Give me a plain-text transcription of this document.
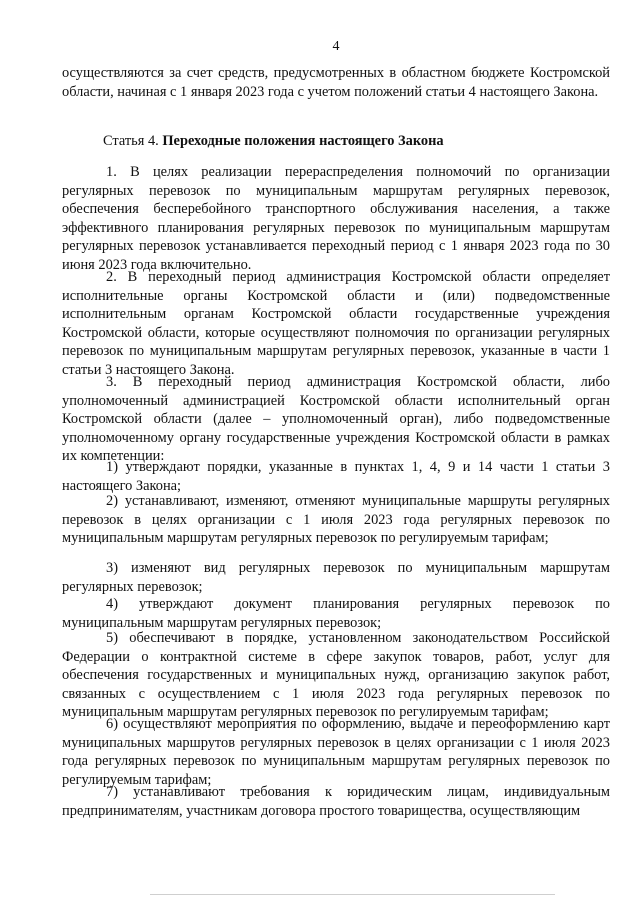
4

осуществляются за счет средств, предусмотренных в областном бюджете Костромской области, начиная с 1 января 2023 года с учетом положений статьи 4 настоящего Закона.

Статья 4. Переходные положения настоящего Закона

1. В целях реализации перераспределения полномочий по организации регулярных перевозок по муниципальным маршрутам регулярных перевозок, обеспечения бесперебойного транспортного обслуживания населения, а также эффективного планирования регулярных перевозок по муниципальным маршрутам регулярных перевозок устанавливается переходный период с 1 января 2023 года по 30 июня 2023 года включительно.

2. В переходный период администрация Костромской области определяет исполнительные органы Костромской области и (или) подведомственные исполнительным органам Костромской области государственные учреждения Костромской области, которые осуществляют полномочия по организации регулярных перевозок по муниципальным маршрутам регулярных перевозок, указанные в части 1 статьи 3 настоящего Закона.

3. В переходный период администрация Костромской области, либо уполномоченный администрацией Костромской области исполнительный орган Костромской области (далее – уполномоченный орган), либо подведомственные уполномоченному органу государственные учреждения Костромской области в рамках их компетенции:

1) утверждают порядки, указанные в пунктах 1, 4, 9 и 14 части 1 статьи 3 настоящего Закона;

2) устанавливают, изменяют, отменяют муниципальные маршруты регулярных перевозок в целях организации с 1 июля 2023 года регулярных перевозок по муниципальным маршрутам регулярных перевозок по регулируемым тарифам;

3) изменяют вид регулярных перевозок по муниципальным маршрутам регулярных перевозок;

4) утверждают документ планирования регулярных перевозок по муниципальным маршрутам регулярных перевозок;

5) обеспечивают в порядке, установленном законодательством Российской Федерации о контрактной системе в сфере закупок товаров, работ, услуг для обеспечения государственных и муниципальных нужд, организацию закупок работ, связанных с осуществлением с 1 июля 2023 года регулярных перевозок по муниципальным маршрутам регулярных перевозок по регулируемым тарифам;

6) осуществляют мероприятия по оформлению, выдаче и переоформлению карт муниципальных маршрутов регулярных перевозок в целях организации с 1 июля 2023 года регулярных перевозок по муниципальным маршрутам регулярных перевозок по регулируемым тарифам;

7) устанавливают требования к юридическим лицам, индивидуальным предпринимателям, участникам договора простого товарищества, осуществляющим
